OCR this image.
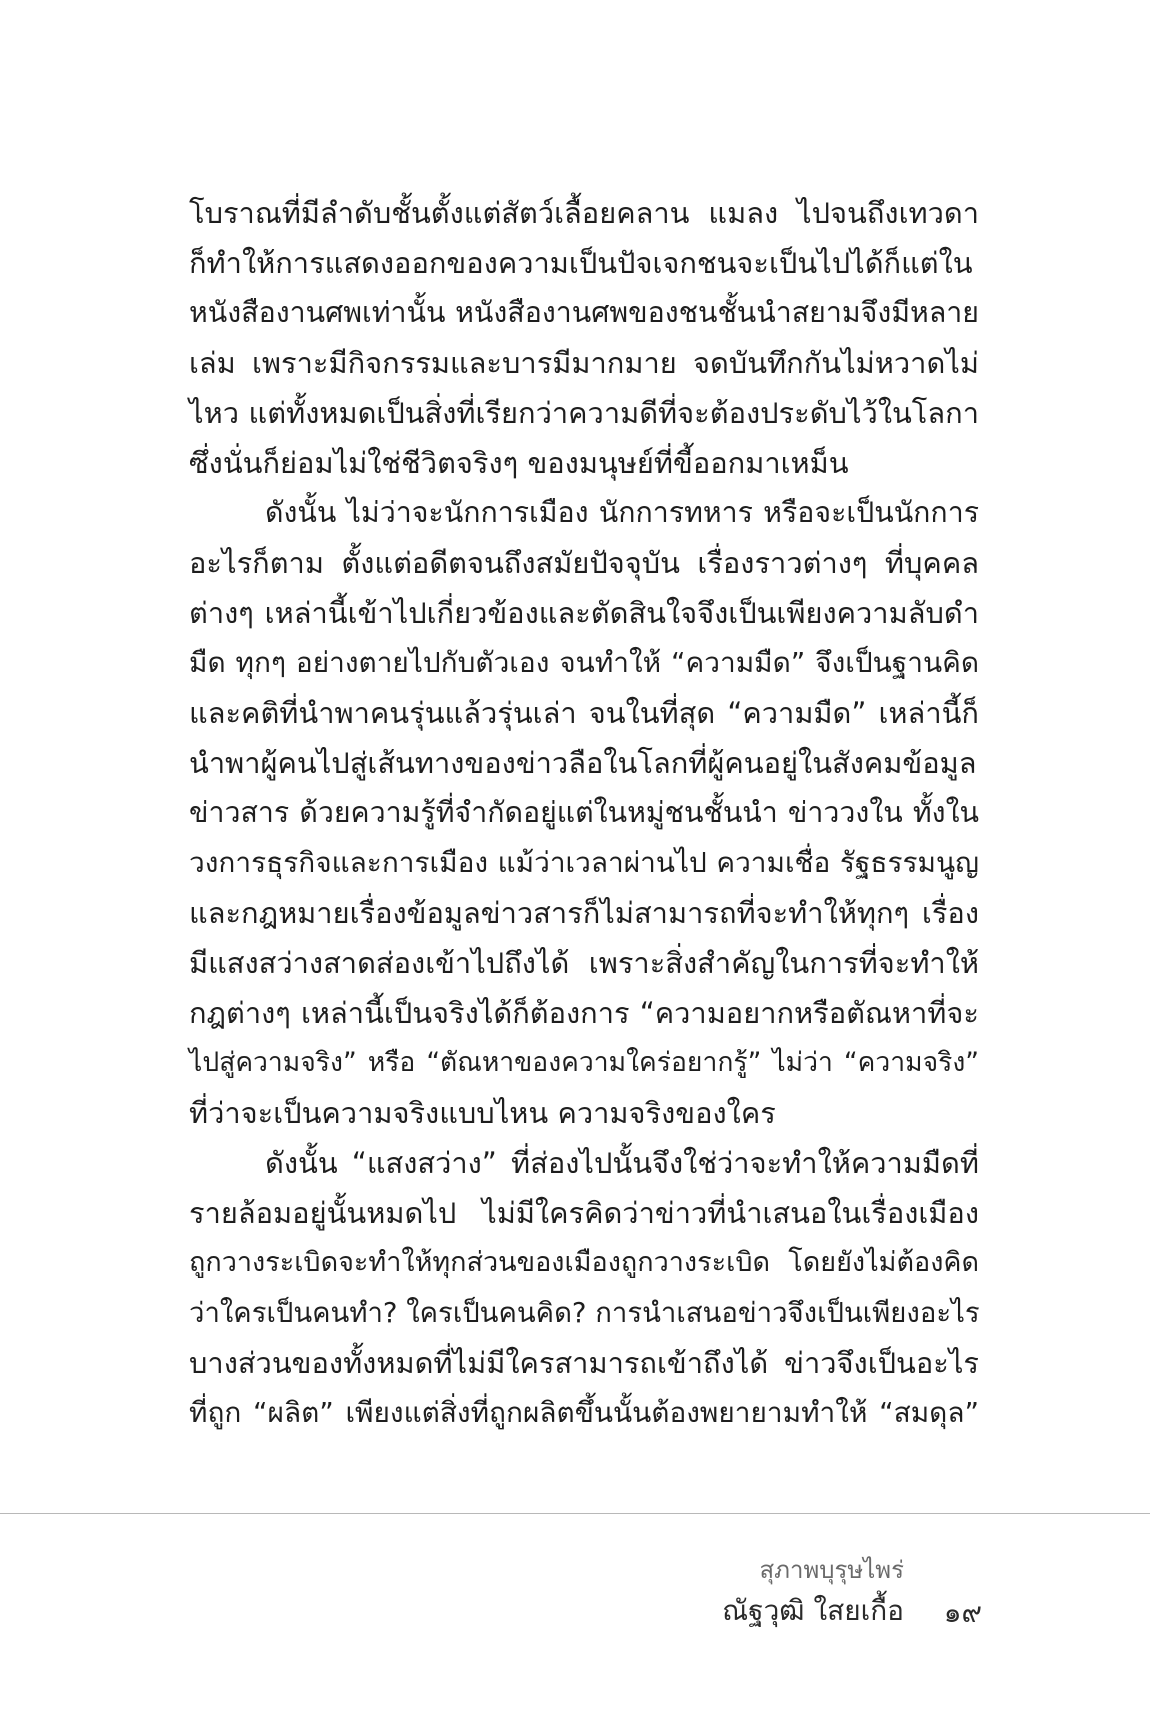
โบราณที่มีลำดับชั้นตั้งแต่สัตว์เลื้อยคลาน แมลง ไปจนถึงเทวดา
ก็ทำให้การแสดงออกของความเป็นปัจเจกชนจะเป็นไปได้ก็แต่ใน
หนังสืองานศพเท่านั้น หนังสืองานศพของชนชั้นนำสยามจึงมีหลาย
เล่ม เพราะมีกิจกรรมและบารมีมากมาย จดบันทึกกันไม่หวาดไม่
ไหว แต่ทั้งหมดเป็นสิ่งที่เรียกว่าความดีที่จะต้องประดับไว้ในโลกา
ซึ่งนั่นก็ย่อมไม่ใช่ชีวิตจริงๆ ของมนุษย์ที่ขี้ออกมาเหม็น
ดังนั้น ไม่ว่าจะนักการเมือง นักการทหาร หรือจะเป็นนักการ
อะไรก็ตาม ตั้งแต่อดีตจนถึงสมัยปัจจุบัน เรื่องราวต่างๆ ที่บุคคล
ต่างๆ เหล่านี้เข้าไปเกี่ยวข้องและตัดสินใจจึงเป็นเพียงความลับดำ
มืด ทุกๆ อย่างตายไปกับตัวเอง จนทำให้ “ความมืด” จึงเป็นฐานคิด
และคติที่นำพาคนรุ่นแล้วรุ่นเล่า จนในที่สุด “ความมืด” เหล่านี้ก็
นำพาผู้คนไปสู่เส้นทางของข่าวลือในโลกที่ผู้คนอยู่ในสังคมข้อมูล
ข่าวสาร ด้วยความรู้ที่จำกัดอยู่แต่ในหมู่ชนชั้นนำ ข่าววงใน ทั้งใน
วงการธุรกิจและการเมือง แม้ว่าเวลาผ่านไป ความเชื่อ รัฐธรรมนูญ
และกฎหมายเรื่องข้อมูลข่าวสารก็ไม่สามารถที่จะทำให้ทุกๆ เรื่อง
มีแสงสว่างสาดส่องเข้าไปถึงได้ เพราะสิ่งสำคัญในการที่จะทำให้
กฎต่างๆ เหล่านี้เป็นจริงได้ก็ต้องการ “ความอยากหรือตัณหาที่จะ
ไปสู่ความจริง” หรือ “ตัณหาของความใคร่อยากรู้” ไม่ว่า “ความจริง”
ที่ว่าจะเป็นความจริงแบบไหน ความจริงของใคร
ดังนั้น “แสงสว่าง” ที่ส่องไปนั้นจึงใช่ว่าจะทำให้ความมืดที่
รายล้อมอยู่นั้นหมดไป ไม่มีใครคิดว่าข่าวที่นำเสนอในเรื่องเมือง
ถูกวางระเบิดจะทำให้ทุกส่วนของเมืองถูกวางระเบิด โดยยังไม่ต้องคิด
ว่าใครเป็นคนทำ? ใครเป็นคนคิด? การนำเสนอข่าวจึงเป็นเพียงอะไร
บางส่วนของทั้งหมดที่ไม่มีใครสามารถเข้าถึงได้ ข่าวจึงเป็นอะไร
ที่ถูก “ผลิต” เพียงแต่สิ่งที่ถูกผลิตขึ้นนั้นต้องพยายามทำให้ “สมดุล”
สุภาพบุรุษไพร่
ณัฐวุฒิ ใสยเกื้อ ๑๙
